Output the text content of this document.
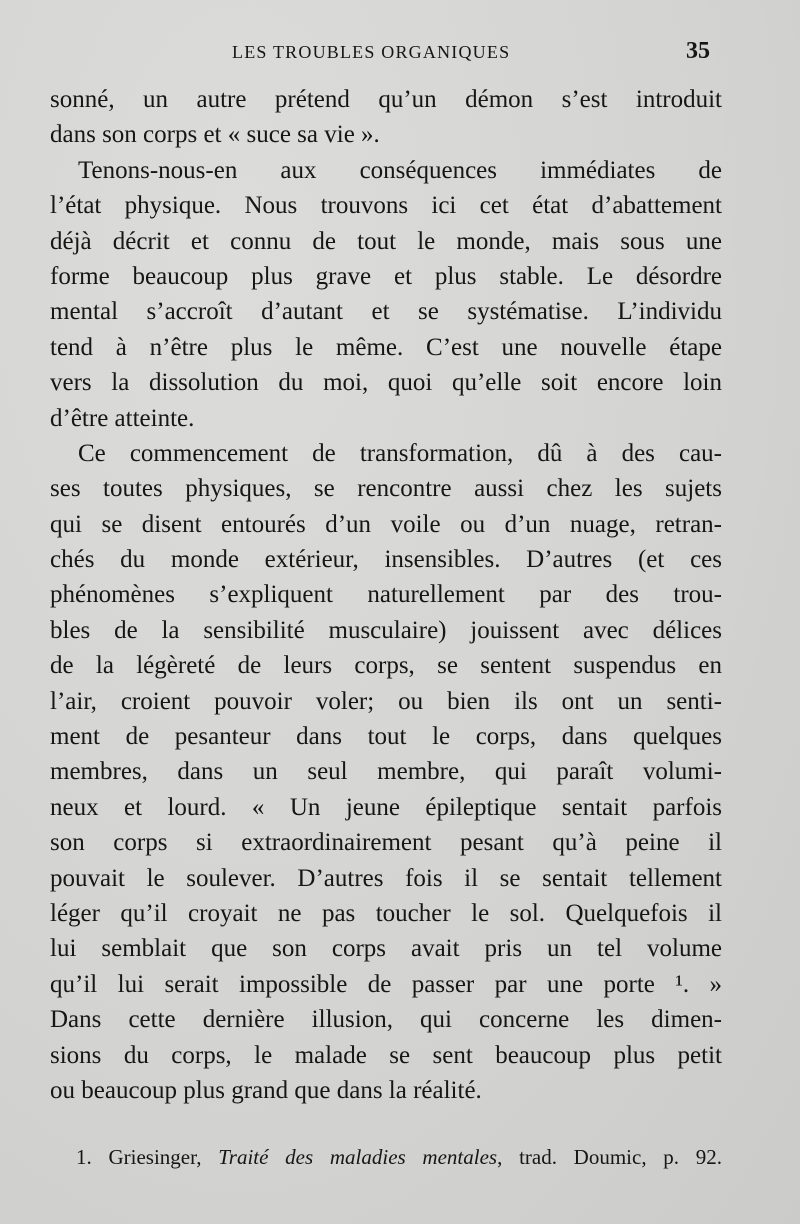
LES TROUBLES ORGANIQUES	35
sonné, un autre prétend qu’un démon s’est introduit
dans son corps et « suce sa vie ».
Tenons-nous-en aux conséquences immédiates de
l’état physique. Nous trouvons ici cet état d’abattement
déjà décrit et connu de tout le monde, mais sous une
forme beaucoup plus grave et plus stable. Le désordre
mental s’accroît d’autant et se systématise. L’individu
tend à n’être plus le même. C’est une nouvelle étape
vers la dissolution du moi, quoi qu’elle soit encore loin
d’être atteinte.
Ce commencement de transformation, dû à des cau-
ses toutes physiques, se rencontre aussi chez les sujets
qui se disent entourés d’un voile ou d’un nuage, retran-
chés du monde extérieur, insensibles. D’autres (et ces
phénomènes s’expliquent naturellement par des trou-
bles de la sensibilité musculaire) jouissent avec délices
de la légèreté de leurs corps, se sentent suspendus en
l’air, croient pouvoir voler; ou bien ils ont un senti-
ment de pesanteur dans tout le corps, dans quelques
membres, dans un seul membre, qui paraît volumi-
neux et lourd. « Un jeune épileptique sentait parfois
son corps si extraordinairement pesant qu’à peine il
pouvait le soulever. D’autres fois il se sentait tellement
léger qu’il croyait ne pas toucher le sol. Quelquefois il
lui semblait que son corps avait pris un tel volume
qu’il lui serait impossible de passer par une porte ¹. »
Dans cette dernière illusion, qui concerne les dimen-
sions du corps, le malade se sent beaucoup plus petit
ou beaucoup plus grand que dans la réalité.
1. Griesinger, Traité des maladies mentales, trad. Doumic, p. 92.
